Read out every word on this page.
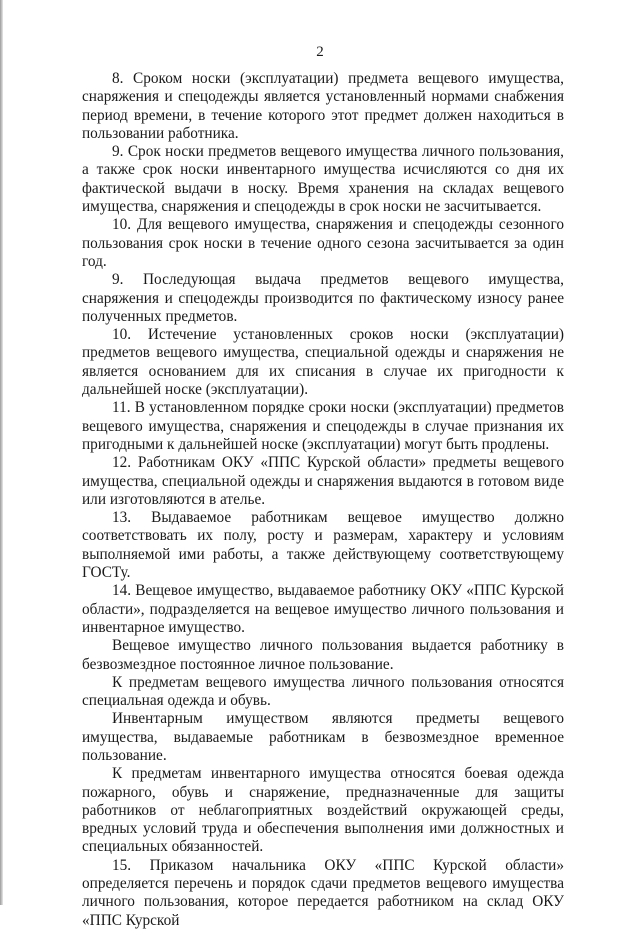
2

8. Сроком носки (эксплуатации) предмета вещевого имущества, снаряжения и спецодежды является установленный нормами снабжения период времени, в течение которого этот предмет должен находиться в пользовании работника.

9. Срок носки предметов вещевого имущества личного пользования, а также срок носки инвентарного имущества исчисляются со дня их фактической выдачи в носку. Время хранения на складах вещевого имущества, снаряжения и спецодежды в срок носки не засчитывается.

10. Для вещевого имущества, снаряжения и спецодежды сезонного пользования срок носки в течение одного сезона засчитывается за один год.

9. Последующая выдача предметов вещевого имущества, снаряжения и спецодежды производится по фактическому износу ранее полученных предметов.

10. Истечение установленных сроков носки (эксплуатации) предметов вещевого имущества, специальной одежды и снаряжения не является основанием для их списания в случае их пригодности к дальнейшей носке (эксплуатации).

11. В установленном порядке сроки носки (эксплуатации) предметов вещевого имущества, снаряжения и спецодежды в случае признания их пригодными к дальнейшей носке (эксплуатации) могут быть продлены.

12. Работникам ОКУ «ППС Курской области» предметы вещевого имущества, специальной одежды и снаряжения выдаются в готовом виде или изготовляются в ателье.

13. Выдаваемое работникам вещевое имущество должно соответствовать их полу, росту и размерам, характеру и условиям выполняемой ими работы, а также действующему соответствующему ГОСТу.

14. Вещевое имущество, выдаваемое работнику ОКУ «ППС Курской области», подразделяется на вещевое имущество личного пользования и инвентарное имущество.

Вещевое имущество личного пользования выдается работнику в безвозмездное постоянное личное пользование.

К предметам вещевого имущества личного пользования относятся специальная одежда и обувь.

Инвентарным имуществом являются предметы вещевого имущества, выдаваемые работникам в безвозмездное временное пользование.

К предметам инвентарного имущества относятся боевая одежда пожарного, обувь и снаряжение, предназначенные для защиты работников от неблагоприятных воздействий окружающей среды, вредных условий труда и обеспечения выполнения ими должностных и специальных обязанностей.

15. Приказом начальника ОКУ «ППС Курской области» определяется перечень и порядок сдачи предметов вещевого имущества личного пользования, которое передается работником на склад ОКУ «ППС Курской
